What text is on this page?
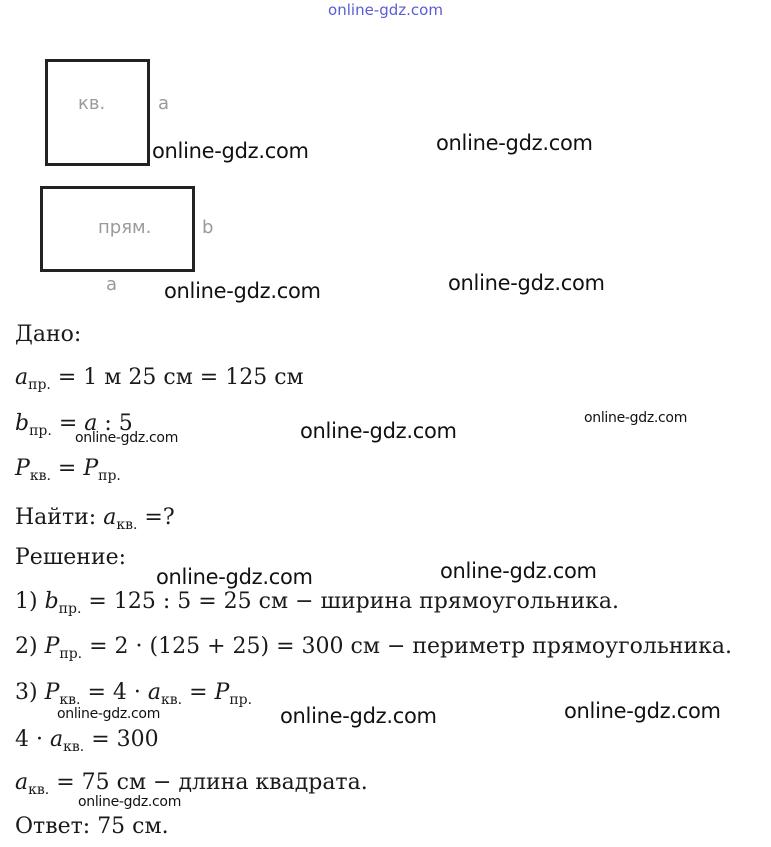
online-gdz.com
кв.	a
прям.	b
a
online-gdz.com	online-gdz.com
online-gdz.com	online-gdz.com
online-gdz.com
online-gdz.com
online-gdz.com
online-gdz.com
online-gdz.com
online-gdz.com
online-gdz.com
online-gdz.com
online-gdz.com
Дано:
$a_{пр.} = 1$ м 25 см = 125 см
$b_{пр.} = a$ : 5
$P_{кв.} = P_{пр.}$
Найти: $a_{кв.}$ =?
Решение:
1) $b_{пр.} = 125$ : 5 = 25 см − ширина прямоугольника.
2) $P_{пр.} = 2 \cdot (125 + 25) = 300$ см − периметр прямоугольника.
3) $P_{кв.} = 4 \cdot a_{кв.} = P_{пр.}$
$4 \cdot a_{кв.} = 300$
$a_{кв.} = 75$ см − длина квадрата.
Ответ: 75 см.
